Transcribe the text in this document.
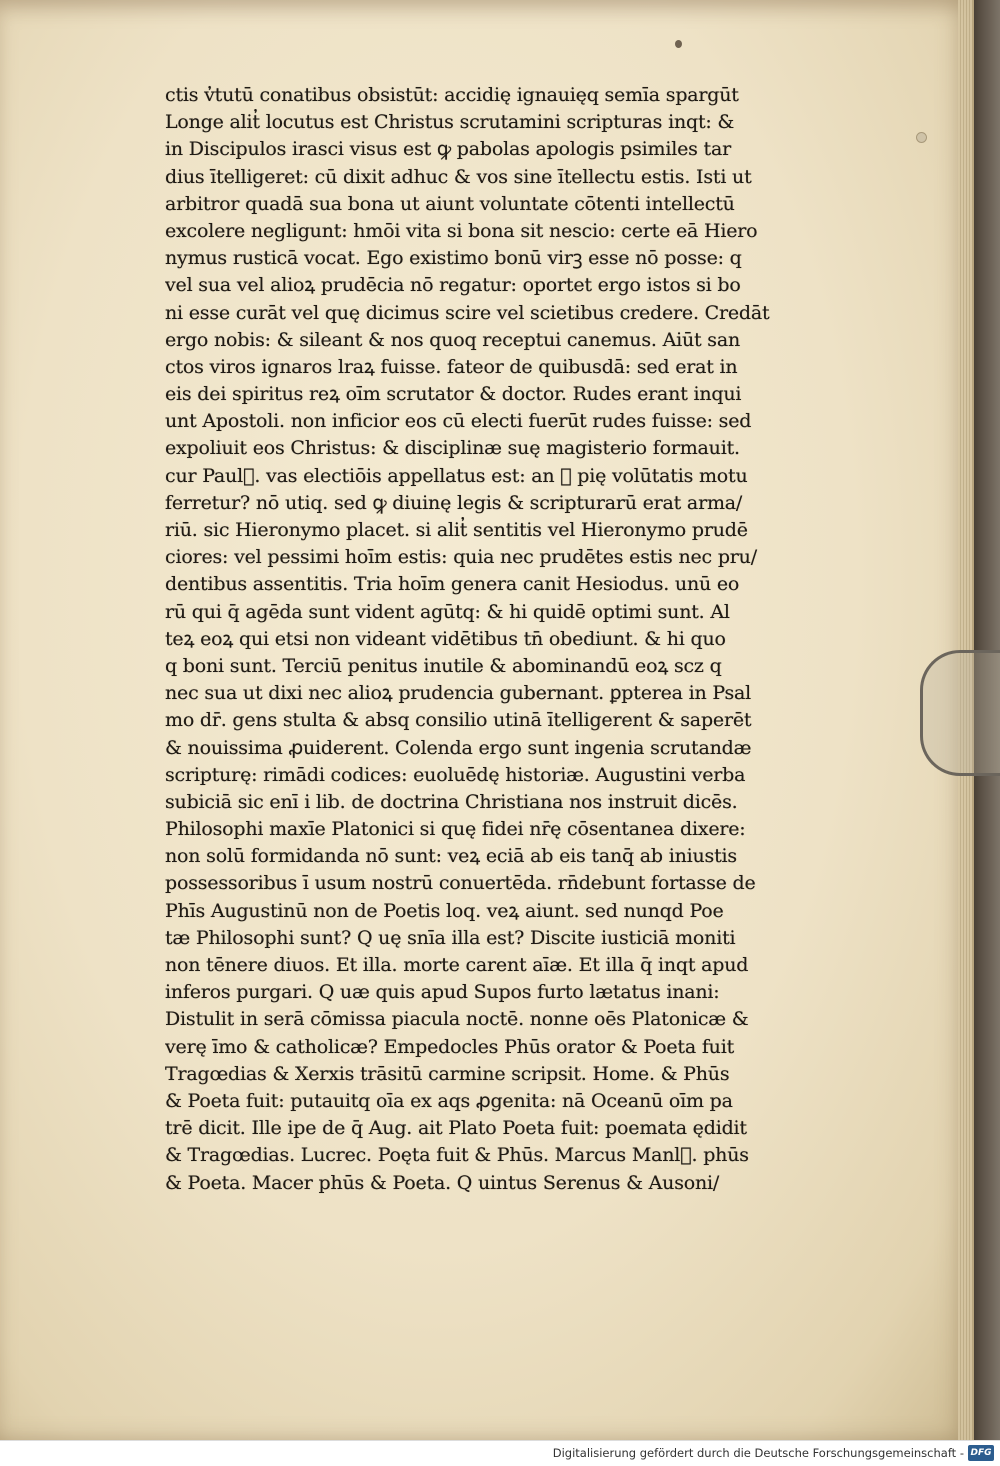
ctis v̓tutū conatibus obsistūt: accidię ignauięq semīa spargūt
Longe alit̓ locutus est Christus scrutamini scripturas inqt: &
in Discipulos irasci visus est ꝙ pabolas apologis psimiles tar
dius ītelligeret: cū dixit adhuc & vos sine ītellectu estis. Isti ut
arbitror quadā sua bona ut aiunt voluntate cōtenti intellectū
excolere negligunt: hmōi vita si bona sit nescio: certe eā Hiero
nymus rusticā vocat. Ego existimo bonū virꝫ esse nō posse: q
vel sua vel alioꝝ prudēcia nō regatur: oportet ergo istos si bo
ni esse curāt vel quę dicimus scire vel scietibus credere. Credāt
ergo nobis: & sileant & nos quoq receptui canemus. Aiūt san
ctos viros ignaros lraꝝ fuisse. fateor de quibusdā: sed erat in
eis dei spiritus reꝝ oīm scrutator & doctor. Rudes erant inqui
unt Apostoli. non inficior eos cū electi fuerūt rudes fuisse: sed
expoliuit eos Christus: & disciplinæ suę magisterio formauit.
cur Paul᷑. vas electiōis appellatus est: an ꝙ pię volūtatis motu
ferretur? nō utiq. sed ꝙ diuinę legis & scripturarū erat arma/
riū. sic Hieronymo placet. si alit̓ sentitis vel Hieronymo prudē
ciores: vel pessimi hoīm estis: quia nec prudētes estis nec pru/
dentibus assentitis. Tria hoīm genera canit Hesiodus. unū eo
rū qui q̄ agēda sunt vident agūtq: & hi quidē optimi sunt. Al
teꝝ eoꝝ qui etsi non videant vidētibus tn̄ obediunt. & hi quo
q boni sunt. Terciū penitus inutile & abominandū eoꝝ scz q
nec sua ut dixi nec alioꝝ prudencia gubernant. ꝑpterea in Psal
mo dr̄. gens stulta & absq consilio utinā ītelligerent & saperēt
& nouissima ꝓuiderent. Colenda ergo sunt ingenia scrutandæ
scripturę: rimādi codices: euoluēdę historiæ. Augustini verba
subiciā sic enī i lib. de doctrina Christiana nos instruit dicēs.
Philosophi maxīe Platonici si quę fidei nr̄ę cōsentanea dixere:
non solū formidanda nō sunt: veꝝ eciā ab eis tanq̄ ab iniustis
possessoribus ī usum nostrū conuertēda. rn̄debunt fortasse de
Phīs Augustinū non de Poetis loq. veꝝ aiunt. sed nunqd Poe
tæ Philosophi sunt? Q uę snīa illa est? Discite iusticiā moniti
non tēnere diuos. Et illa. morte carent aīæ. Et illa q̄ inqt apud
inferos purgari. Q uæ quis apud Supos furto lætatus inani:
Distulit in serā cōmissa piacula noctē. nonne oēs Platonicæ &
verę īmo & catholicæ? Empedocles Phūs orator & Poeta fuit
Tragœdias & Xerxis trāsitū carmine scripsit. Home. & Phūs
& Poeta fuit: putauitq oīa ex aqs ꝓgenita: nā Oceanū oīm pa
trē dicit. Ille ipe de q̄ Aug. ait Plato Poeta fuit: poemata ędidit
& Tragœdias. Lucrec. Poęta fuit & Phūs. Marcus Manl᷑. phūs
& Poeta. Macer phūs & Poeta. Q uintus Serenus & Ausoni/
Digitalisierung gefördert durch die Deutsche Forschungsgemeinschaft - DFG
